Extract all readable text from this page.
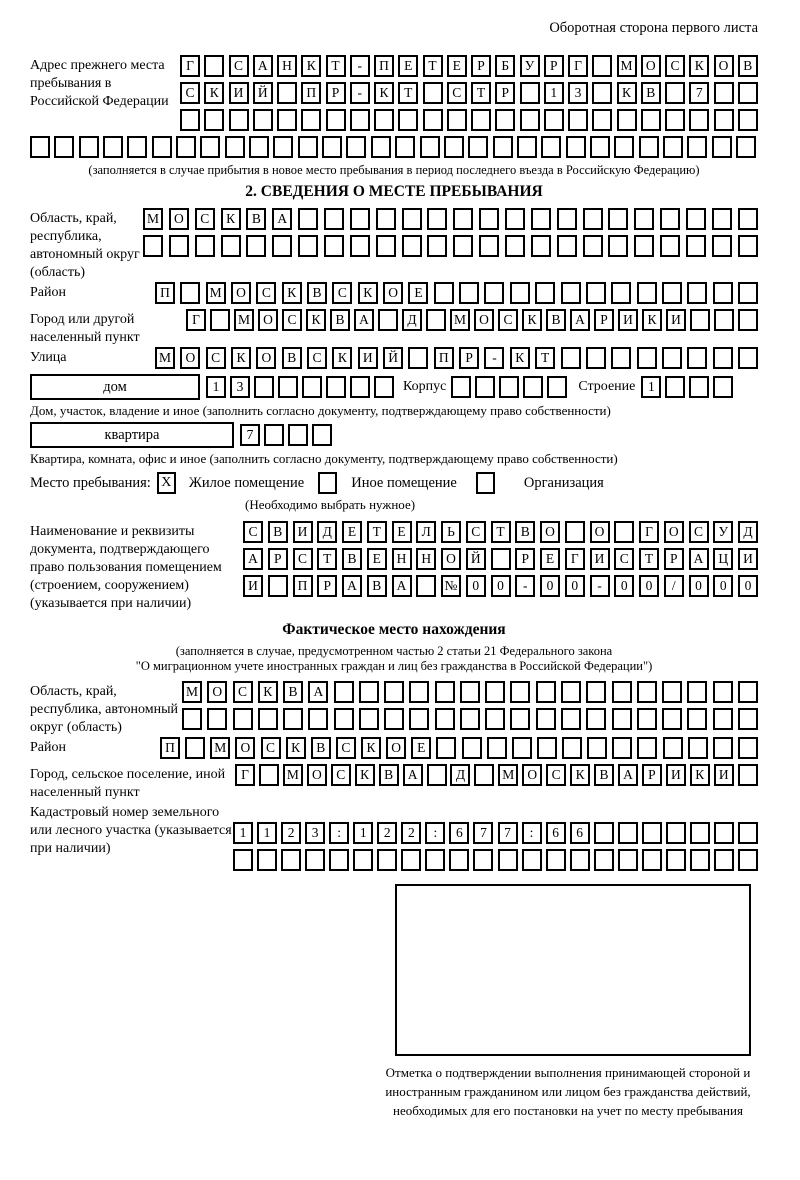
Оборотная сторона первого листа
Адрес прежнего места пребывания в Российской Федерации
Г	С	А	Н	К	Т	-	П	Е	Т	Е	Р	Б	У	Р	Г	М О	С	К	О	В
С	К	И	Й	П	Р	-	К	Т	С	Т	Р	1	3	К	В	7
(заполняется в случае прибытия в новое место пребывания в период последнего въезда в Российскую Федерацию)
2. СВЕДЕНИЯ О МЕСТЕ ПРЕБЫВАНИЯ
Область, край, республика, автономный округ (область)
М	О	С	К	В	А
Район	П	М	О	С	К	В	С	К	О	Е
Город или другой населенный пункт
Г	М О	С	К	В	А	Д	М О	С	К	В	А	Р	И	К	И
Улица	М	О	С	К	О	В	С	К	И	Й	П	Р	-	К	Т
дом	1	3	Корпус	Строение 1
Дом, участок, владение и иное (заполнить согласно документу, подтверждающему право собственности)
квартира	7
Квартира, комната, офис и иное (заполнить согласно документу, подтверждающему право собственности)
Место пребывания: X	Жилое помещение	Иное помещение	Организация
(Необходимо выбрать нужное)
Наименование и реквизиты документа, подтверждающего право пользования помещением (строением, сооружением) (указывается при наличии)
С	В	И	Д	Е	Т	Е	Л	Ь	С	Т	В	О	О	Г	О	С	У	Д
А	Р	С	Т	В	Е	Н	Н	О	Й	Р	Е	Г	И	С	Т	Р	А	Ц	И
И	П	Р	А	В	А	№	0	0	-	0	0	-	0	0	/	0	0	0
Фактическое место нахождения
(заполняется в случае, предусмотренном частью 2 статьи 21 Федерального закона
"О миграционном учете иностранных граждан и лиц без гражданства в Российской Федерации")
Область, край, республика, автономный округ (область)
М	О	С	К	В	А
Район	П	М	О	С	К	В	С	К	О	Е
Город, сельское поселение, иной населенный пункт
Г	М О	С	К	В	А	Д	М О	С	К	В	А	Р	И	К	И
Кадастровый номер земельного или лесного участка (указывается при наличии)
1	1	2	3	:	1	2	2	:	6	7	7	:	6	6
Отметка о подтверждении выполнения принимающей стороной и иностранным гражданином или лицом без гражданства действий, необходимых для его постановки на учет по месту пребывания
